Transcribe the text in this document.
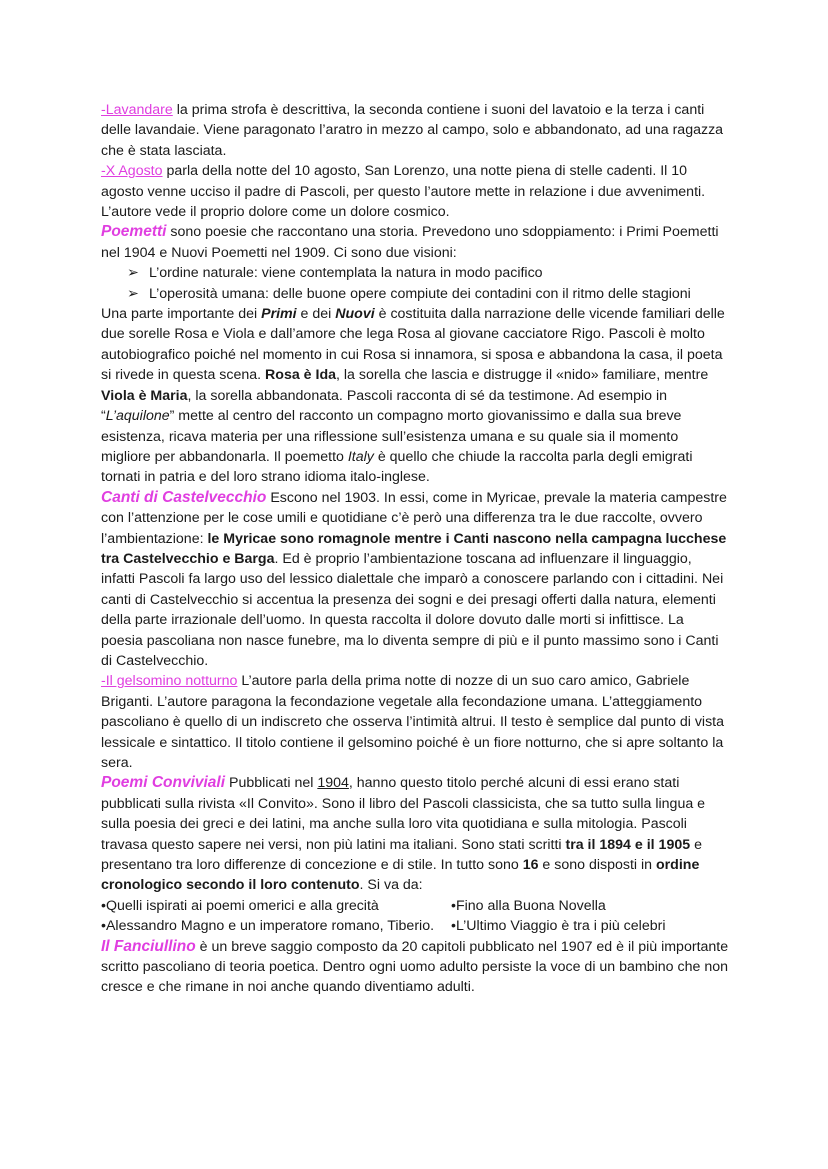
-Lavandare la prima strofa è descrittiva, la seconda contiene i suoni del lavatoio e la terza i canti delle lavandaie. Viene paragonato l’aratro in mezzo al campo, solo e abbandonato, ad una ragazza che è stata lasciata.

-X Agosto parla della notte del 10 agosto, San Lorenzo, una notte piena di stelle cadenti. Il 10 agosto venne ucciso il padre di Pascoli, per questo l’autore mette in relazione i due avvenimenti. L’autore vede il proprio dolore come un dolore cosmico.

Poemetti sono poesie che raccontano una storia. Prevedono uno sdoppiamento: i Primi Poemetti nel 1904 e Nuovi Poemetti nel 1909. Ci sono due visioni:

➢ L’ordine naturale: viene contemplata la natura in modo pacifico
➢ L’operosità umana: delle buone opere compiute dei contadini con il ritmo delle stagioni

Una parte importante dei Primi e dei Nuovi è costituita dalla narrazione delle vicende familiari delle due sorelle Rosa e Viola e dall’amore che lega Rosa al giovane cacciatore Rigo. Pascoli è molto autobiografico poiché nel momento in cui Rosa si innamora, si sposa e abbandona la casa, il poeta si rivede in questa scena. Rosa è Ida, la sorella che lascia e distrugge il «nido» familiare, mentre Viola è Maria, la sorella abbandonata. Pascoli racconta di sé da testimone. Ad esempio in “L’aquilone” mette al centro del racconto un compagno morto giovanissimo e dalla sua breve esistenza, ricava materia per una riflessione sull’esistenza umana e su quale sia il momento migliore per abbandonarla. Il poemetto Italy è quello che chiude la raccolta parla degli emigrati tornati in patria e del loro strano idioma italo-inglese.

Canti di Castelvecchio Escono nel 1903. In essi, come in Myricae, prevale la materia campestre con l’attenzione per le cose umili e quotidiane c’è però una differenza tra le due raccolte, ovvero l’ambientazione: le Myricae sono romagnole mentre i Canti nascono nella campagna lucchese tra Castelvecchio e Barga. Ed è proprio l’ambientazione toscana ad influenzare il linguaggio, infatti Pascoli fa largo uso del lessico dialettale che imparò a conoscere parlando con i cittadini. Nei canti di Castelvecchio si accentua la presenza dei sogni e dei presagi offerti dalla natura, elementi della parte irrazionale dell’uomo. In questa raccolta il dolore dovuto dalle morti si infittisce. La poesia pascoliana non nasce funebre, ma lo diventa sempre di più e il punto massimo sono i Canti di Castelvecchio.

-Il gelsomino notturno L’autore parla della prima notte di nozze di un suo caro amico, Gabriele Briganti. L’autore paragona la fecondazione vegetale alla fecondazione umana. L’atteggiamento pascoliano è quello di un indiscreto che osserva l’intimità altrui. Il testo è semplice dal punto di vista lessicale e sintattico. Il titolo contiene il gelsomino poiché è un fiore notturno, che si apre soltanto la sera.

Poemi Conviviali Pubblicati nel 1904, hanno questo titolo perché alcuni di essi erano stati pubblicati sulla rivista «Il Convito». Sono il libro del Pascoli classicista, che sa tutto sulla lingua e sulla poesia dei greci e dei latini, ma anche sulla loro vita quotidiana e sulla mitologia. Pascoli travasa questo sapere nei versi, non più latini ma italiani. Sono stati scritti tra il 1894 e il 1905 e presentano tra loro differenze di concezione e di stile. In tutto sono 16 e sono disposti in ordine cronologico secondo il loro contenuto. Si va da:

•Quelli ispirati ai poemi omerici e alla grecità	•Fino alla Buona Novella
•Alessandro Magno e un imperatore romano, Tiberio.	•L’Ultimo Viaggio è tra i più celebri

Il Fanciullino è un breve saggio composto da 20 capitoli pubblicato nel 1907 ed è il più importante scritto pascoliano di teoria poetica. Dentro ogni uomo adulto persiste la voce di un bambino che non cresce e che rimane in noi anche quando diventiamo adulti.
